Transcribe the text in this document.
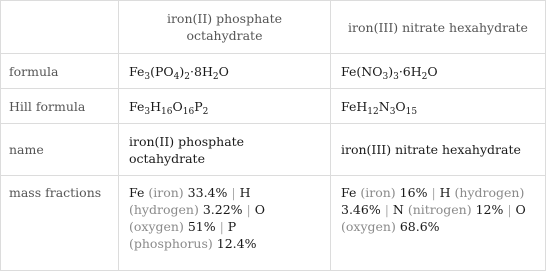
	iron(II) phosphate octahydrate	iron(III) nitrate hexahydrate
formula	$Fe_3(PO_4)_2\cdot 8H_2O$	$Fe(NO_3)_3\cdot 6H_2O$
Hill formula	$Fe_3H_{16}O_{16}P_2$	$FeH_{12}N_3O_{15}$
name	iron(II) phosphate octahydrate	iron(III) nitrate hexahydrate
mass fractions	Fe (iron) 33.4% | H (hydrogen) 3.22% | O (oxygen) 51% | P (phosphorus) 12.4%	Fe (iron) 16% | H (hydrogen) 3.46% | N (nitrogen) 12% | O (oxygen) 68.6%
